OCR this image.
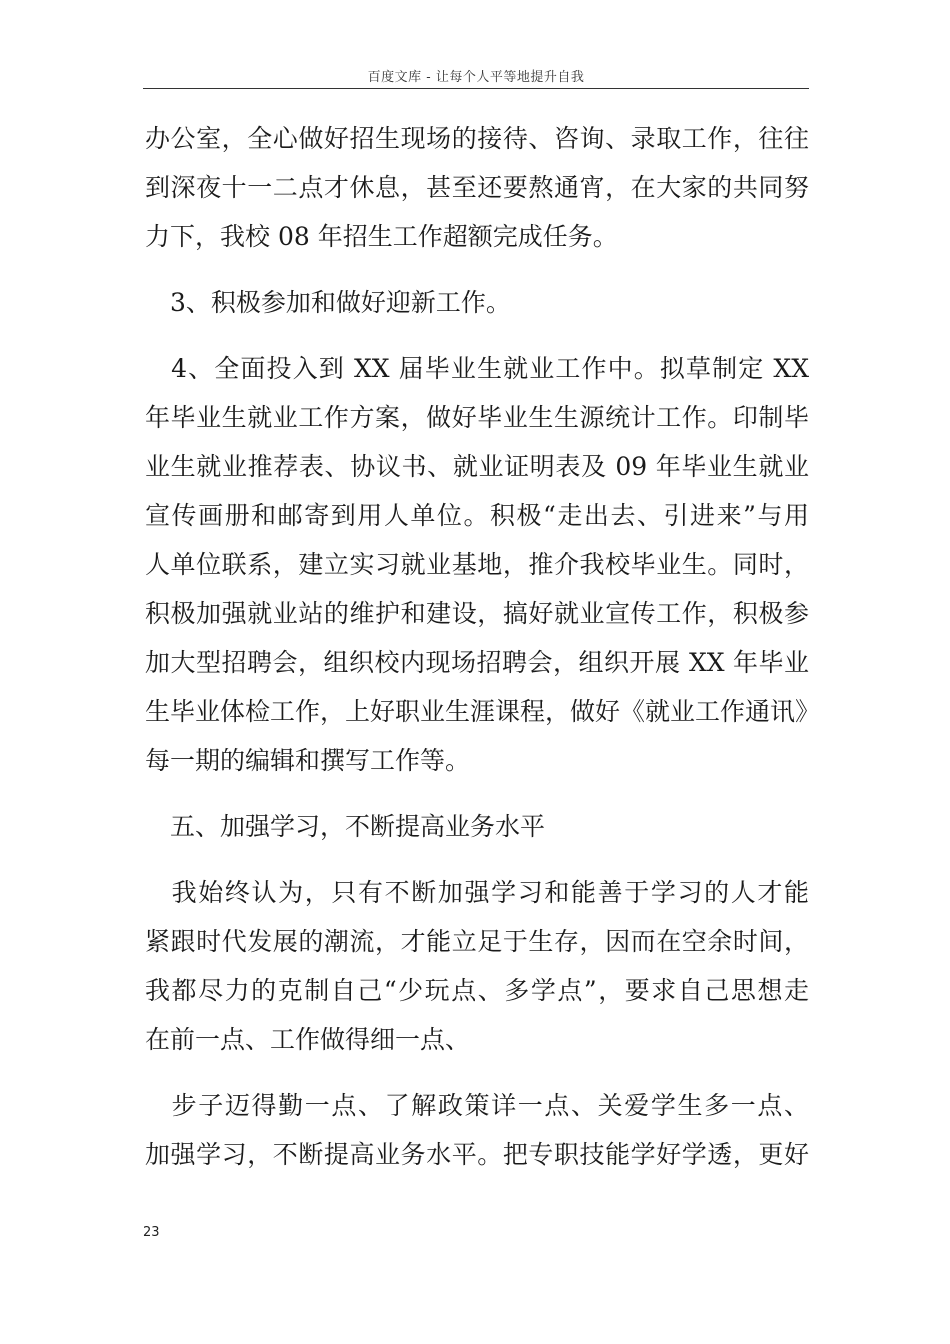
百度文库 - 让每个人平等地提升自我
办公室，全心做好招生现场的接待、咨询、录取工作，往往
到深夜十一二点才休息，甚至还要熬通宵，在大家的共同努
力下，我校 08 年招生工作超额完成任务。
　3、积极参加和做好迎新工作。
　4、全面投入到 XX 届毕业生就业工作中。拟草制定 XX
年毕业生就业工作方案，做好毕业生生源统计工作。印制毕
业生就业推荐表、协议书、就业证明表及 09 年毕业生就业
宣传画册和邮寄到用人单位。积极“走出去、引进来”与用
人单位联系，建立实习就业基地，推介我校毕业生。同时，
积极加强就业站的维护和建设，搞好就业宣传工作，积极参
加大型招聘会，组织校内现场招聘会，组织开展 XX 年毕业
生毕业体检工作，上好职业生涯课程，做好《就业工作通讯》
每一期的编辑和撰写工作等。
　五、加强学习，不断提高业务水平
　我始终认为，只有不断加强学习和能善于学习的人才能
紧跟时代发展的潮流，才能立足于生存，因而在空余时间，
我都尽力的克制自己“少玩点、多学点”，要求自己思想走
在前一点、工作做得细一点、
　步子迈得勤一点、了解政策详一点、关爱学生多一点、
加强学习，不断提高业务水平。把专职技能学好学透，更好
23
